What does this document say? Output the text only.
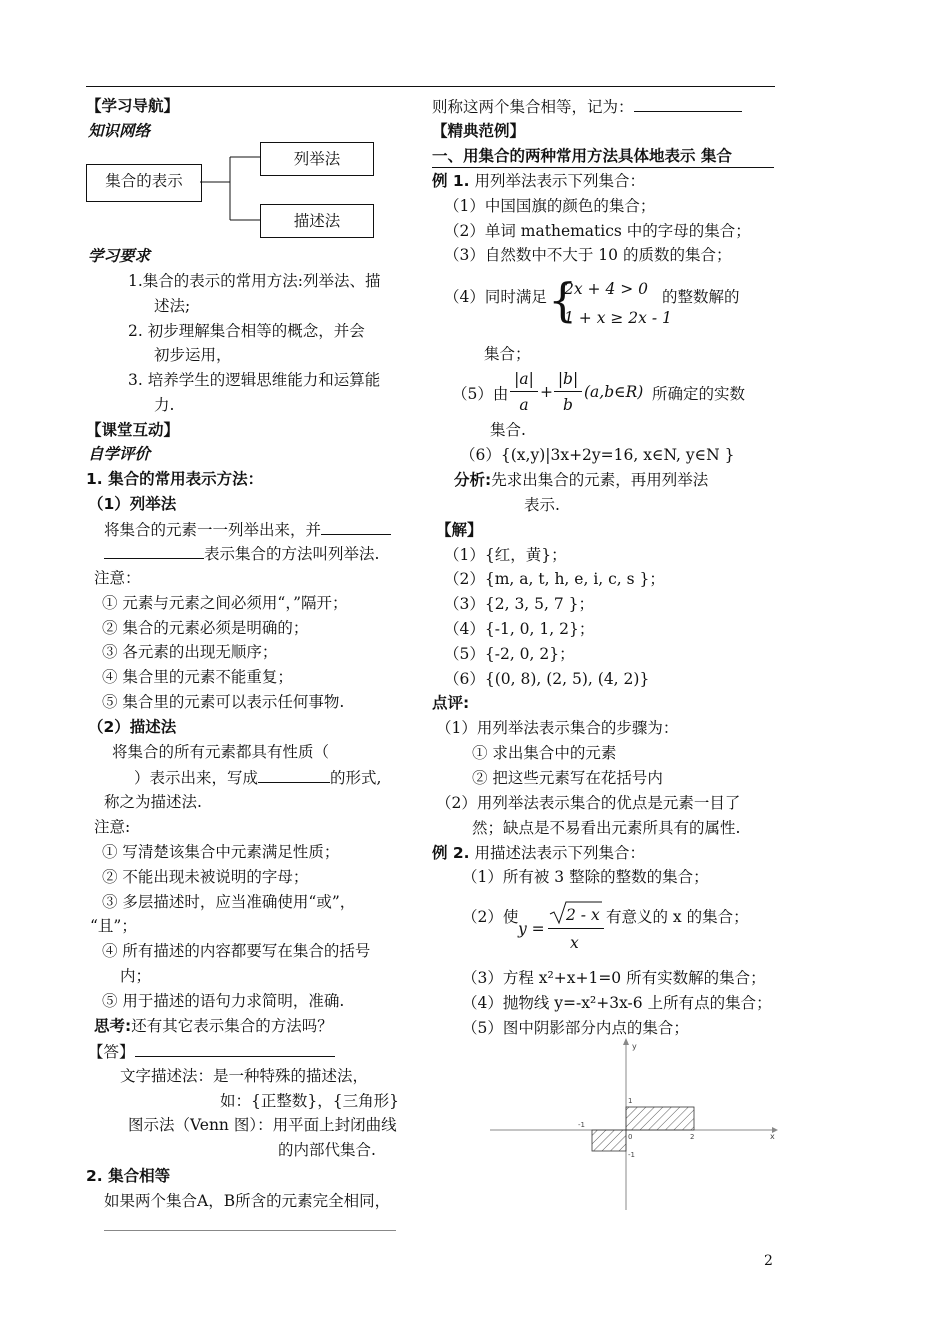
【学习导航】
知识网络
集合的表示
列举法
描述法
学习要求
1.集合的表示的常用方法:列举法、描
述法;
2. 初步理解集合相等的概念，并会
初步运用，
3. 培养学生的逻辑思维能力和运算能
力.
【课堂互动】
自学评价
1. 集合的常用表示方法：
（1）列举法
将集合的元素一一列举出来，并
表示集合的方法叫列举法.
注意：
① 元素与元素之间必须用“，”隔开；
② 集合的元素必须是明确的；
③ 各元素的出现无顺序；
④ 集合里的元素不能重复；
⑤ 集合里的元素可以表示任何事物.
（2）描述法
将集合的所有元素都具有性质（
）表示出来，写成	的形式,
称之为描述法.
注意:
① 写清楚该集合中元素满足性质；
② 不能出现未被说明的字母；
③ 多层描述时，应当准确使用“或”，
“且”；
④ 所有描述的内容都要写在集合的括号
内；
⑤ 用于描述的语句力求简明，准确.
思考:还有其它表示集合的方法吗？
【答】
文字描述法：是一种特殊的描述法，
如：{正整数}，{三角形}
图示法（Venn 图）：用平面上封闭曲线
的内部代集合.
2. 集合相等
如果两个集合A，B所含的元素完全相同，
则称这两个集合相等，记为：
【精典范例】
一、用集合的两种常用方法具体地表示 集合
例 1. 用列举法表示下列集合：
（1）中国国旗的颜色的集合；
（2）单词 mathematics 中的字母的集合；
（3）自然数中不大于 10 的质数的集合；
（4）同时满足 {
2x + 4 > 0
1 + x ≥ 2x - 1
的整数解的
集合；
（5）由
|a|
a
+
|b|
b
(a,b∈R) 所确定的实数
集合.
（6）{(x,y)|3x+2y=16, x∈N, y∈N }
分析:先求出集合的元素，再用列举法
表示.
【解】
（1）{红，黄}；
（2）{m, a, t, h, e, i, c, s }；
（3）{2, 3, 5, 7 }；
（4）{-1, 0, 1, 2}；
（5）{-2, 0, 2}；
（6）{(0, 8), (2, 5), (4, 2)}
点评:
（1）用列举法表示集合的步骤为：
① 求出集合中的元素
② 把这些元素写在花括号内
（2）用列举法表示集合的优点是元素一目了
然；缺点是不易看出元素所具有的属性.
例 2. 用描述法表示下列集合：
（1）所有被 3 整除的整数的集合；
（2）使
y =
2 - x
x
有意义的 x 的集合；
（3）方程 x²+x+1=0 所有实数解的集合；
（4）抛物线 y=-x²+3x-6 上所有点的集合；
（5）图中阴影部分内点的集合；
y
x
1
-1
2
-1
0
2
